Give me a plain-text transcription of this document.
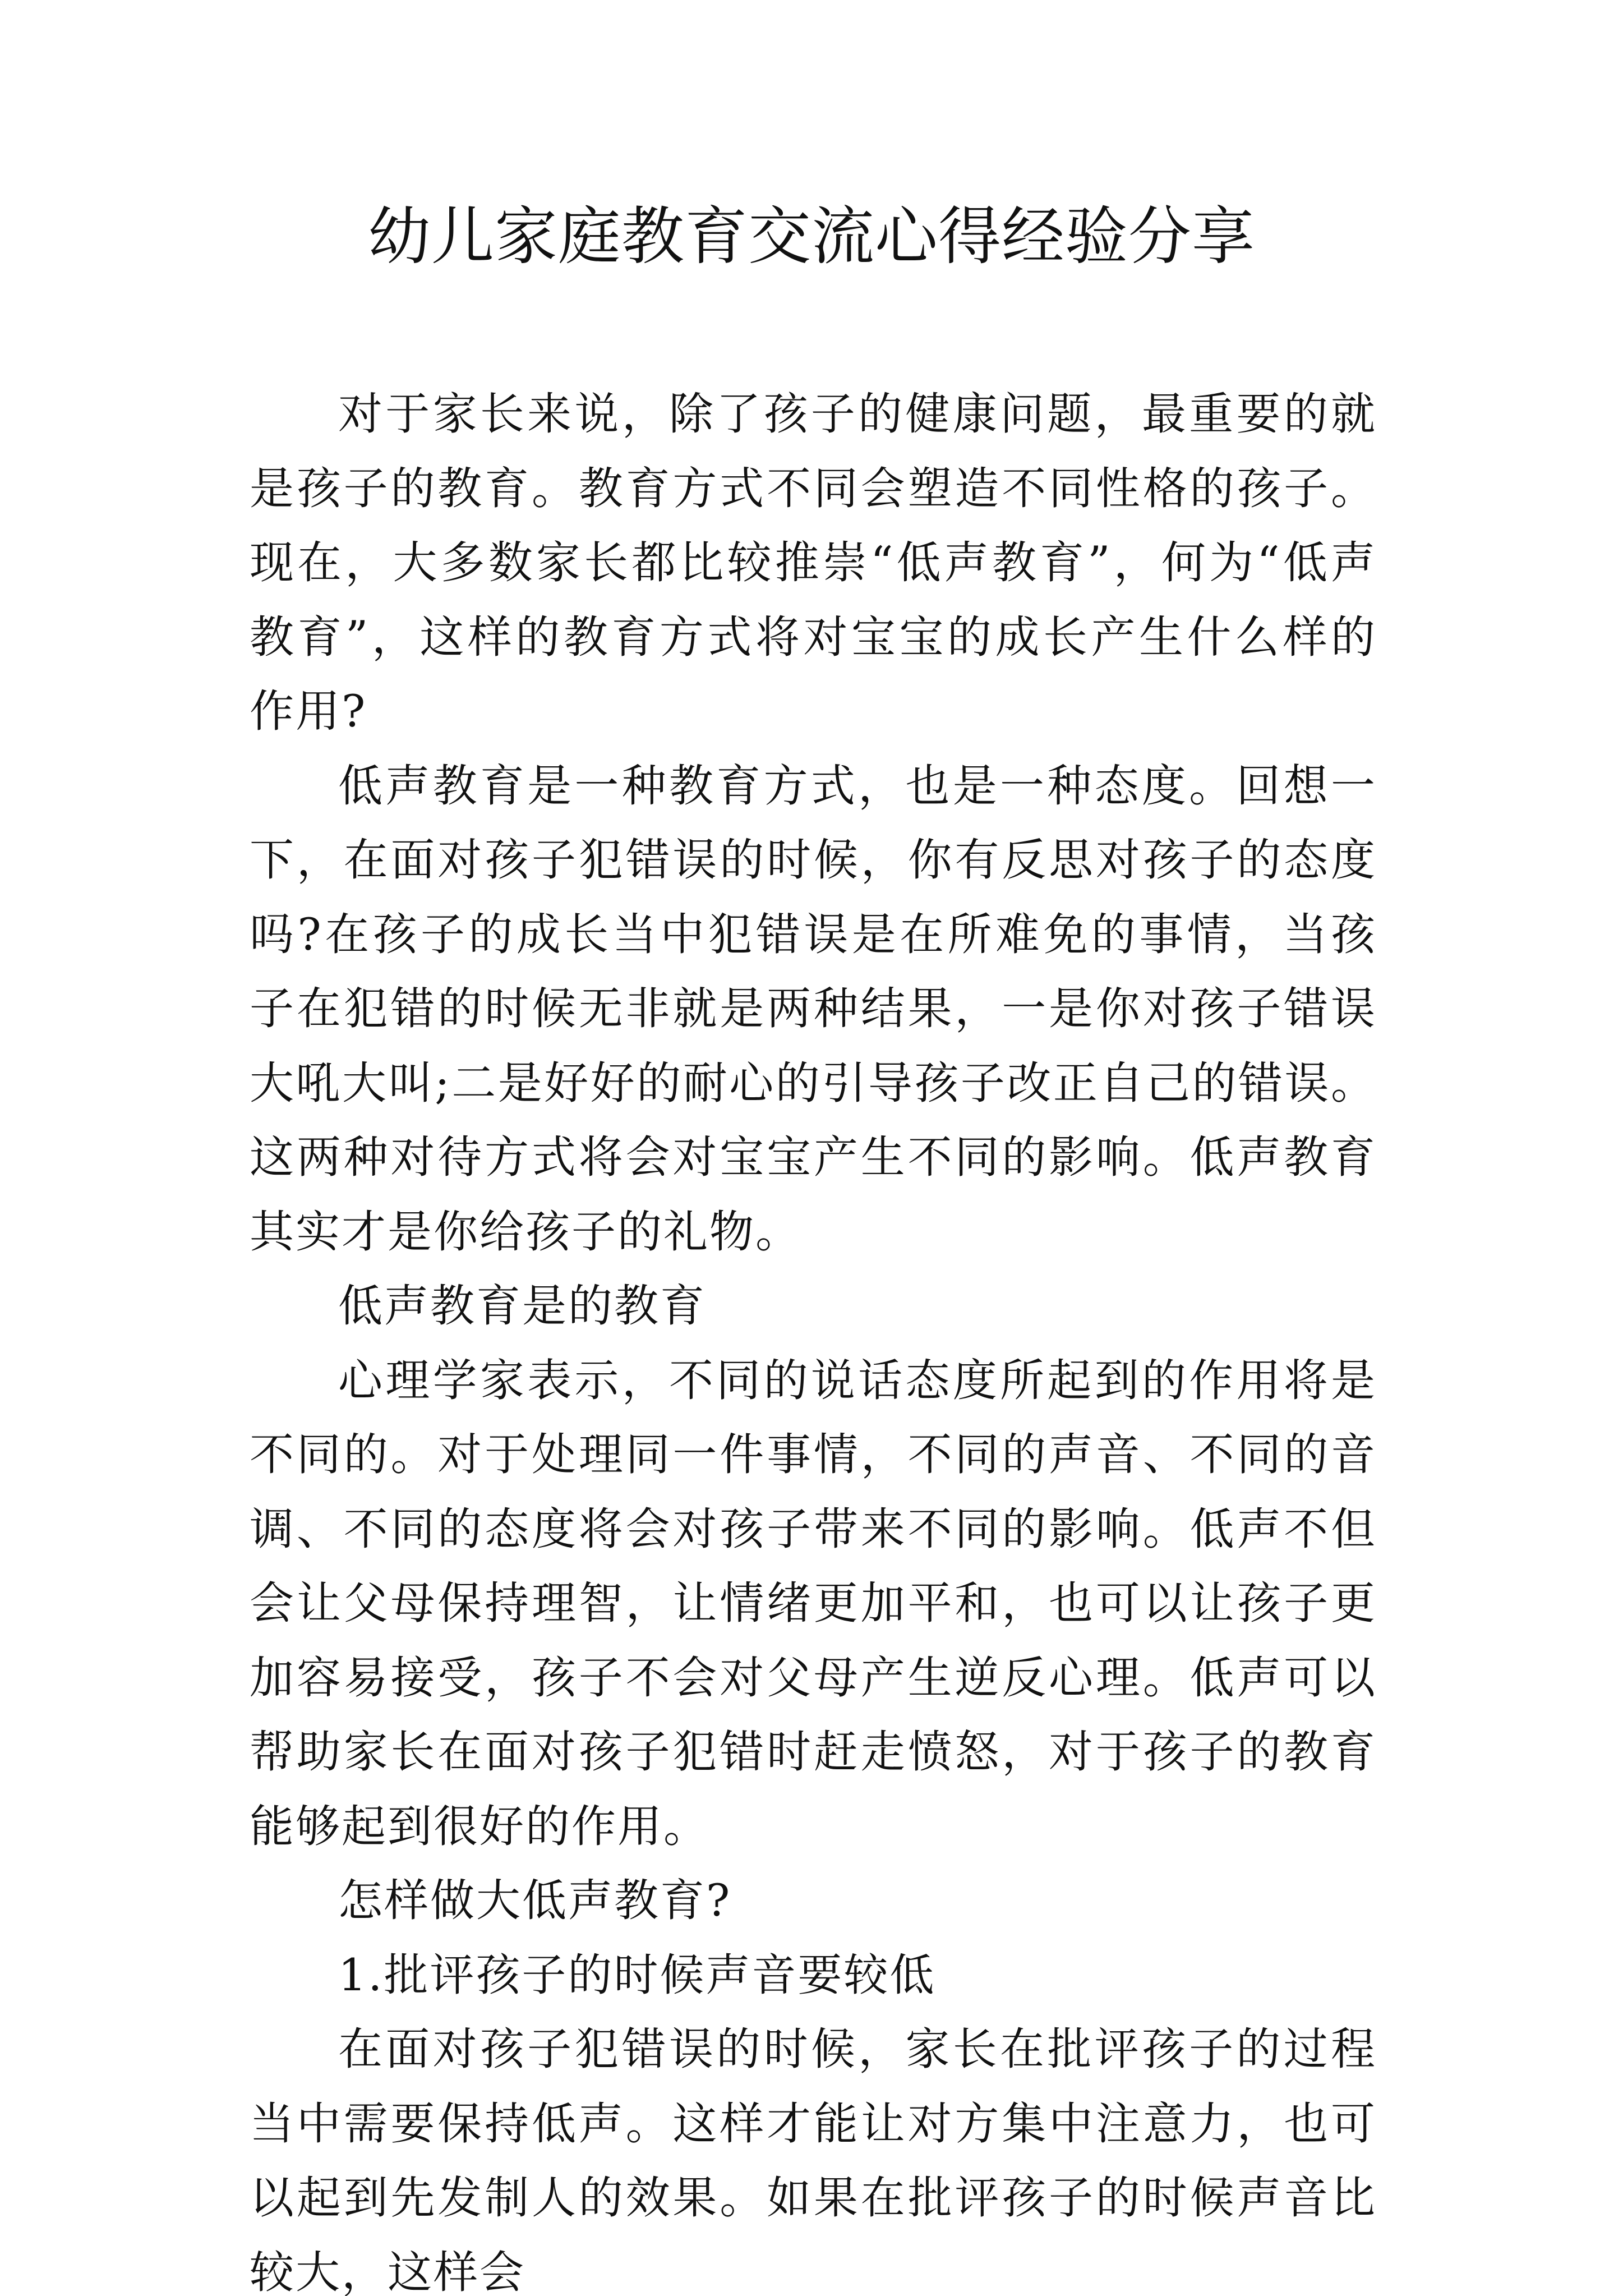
幼儿家庭教育交流心得经验分享

对于家长来说，除了孩子的健康问题，最重要的就是孩子的教育。教育方式不同会塑造不同性格的孩子。现在，大多数家长都比较推崇“低声教育”，何为“低声教育”，这样的教育方式将对宝宝的成长产生什么样的作用?

低声教育是一种教育方式，也是一种态度。回想一下，在面对孩子犯错误的时候，你有反思对孩子的态度吗?在孩子的成长当中犯错误是在所难免的事情，当孩子在犯错的时候无非就是两种结果，一是你对孩子错误大吼大叫;二是好好的耐心的引导孩子改正自己的错误。这两种对待方式将会对宝宝产生不同的影响。低声教育其实才是你给孩子的礼物。

低声教育是的教育

心理学家表示，不同的说话态度所起到的作用将是不同的。对于处理同一件事情，不同的声音、不同的音调、不同的态度将会对孩子带来不同的影响。低声不但会让父母保持理智，让情绪更加平和，也可以让孩子更加容易接受，孩子不会对父母产生逆反心理。低声可以帮助家长在面对孩子犯错时赶走愤怒，对于孩子的教育能够起到很好的作用。

怎样做大低声教育?

1.批评孩子的时候声音要较低

在面对孩子犯错误的时候，家长在批评孩子的过程当中需要保持低声。这样才能让对方集中注意力，也可以起到先发制人的效果。如果在批评孩子的时候声音比较大，这样会
